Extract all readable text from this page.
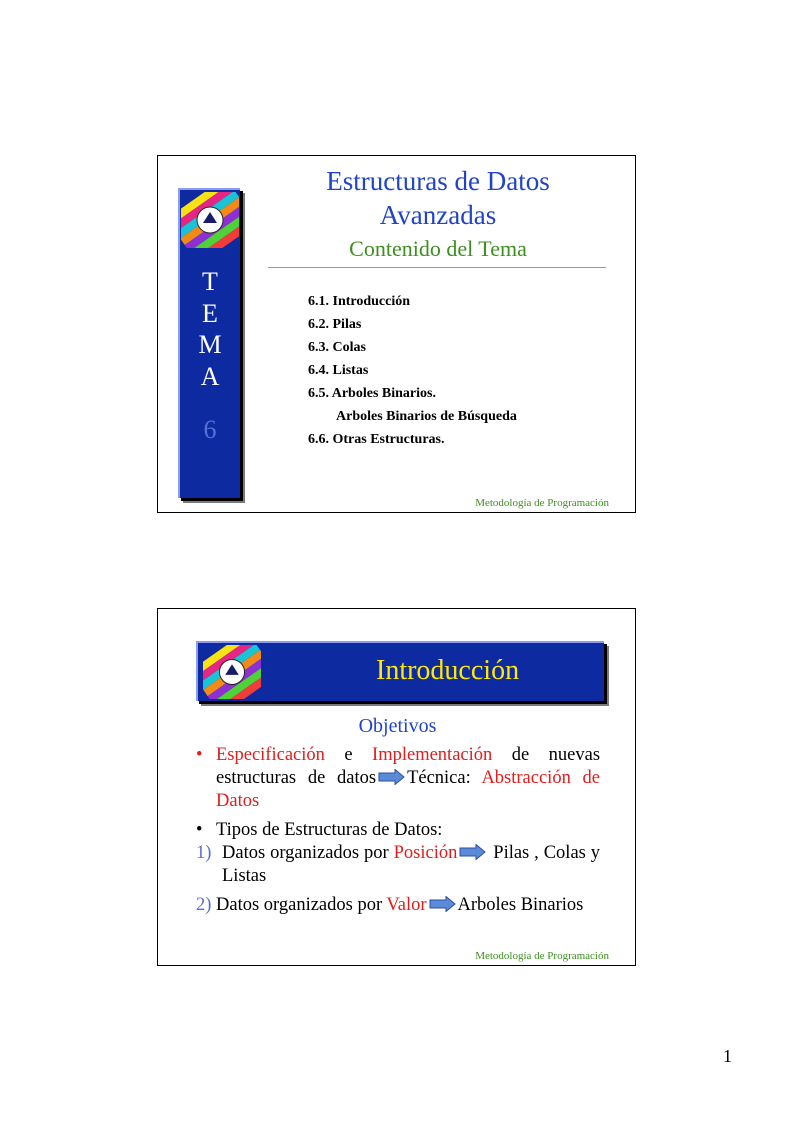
T
E
M
A
6
Estructuras de Datos
Avanzadas
Contenido del Tema
6.1. Introducción
6.2. Pilas
6.3. Colas
6.4. Listas
6.5. Arboles Binarios.
Arboles Binarios de Búsqueda
6.6. Otras Estructuras.
Metodología de Programación
Introducción
Objetivos
• Especificación e Implementación de nuevas estructuras de datos Técnica: Abstracción de Datos

• Tipos de Estructuras de Datos:

1) Datos organizados por Posición Pilas , Colas y Listas

2) Datos organizados por Valor Arboles Binarios

Metodología de Programación
1
